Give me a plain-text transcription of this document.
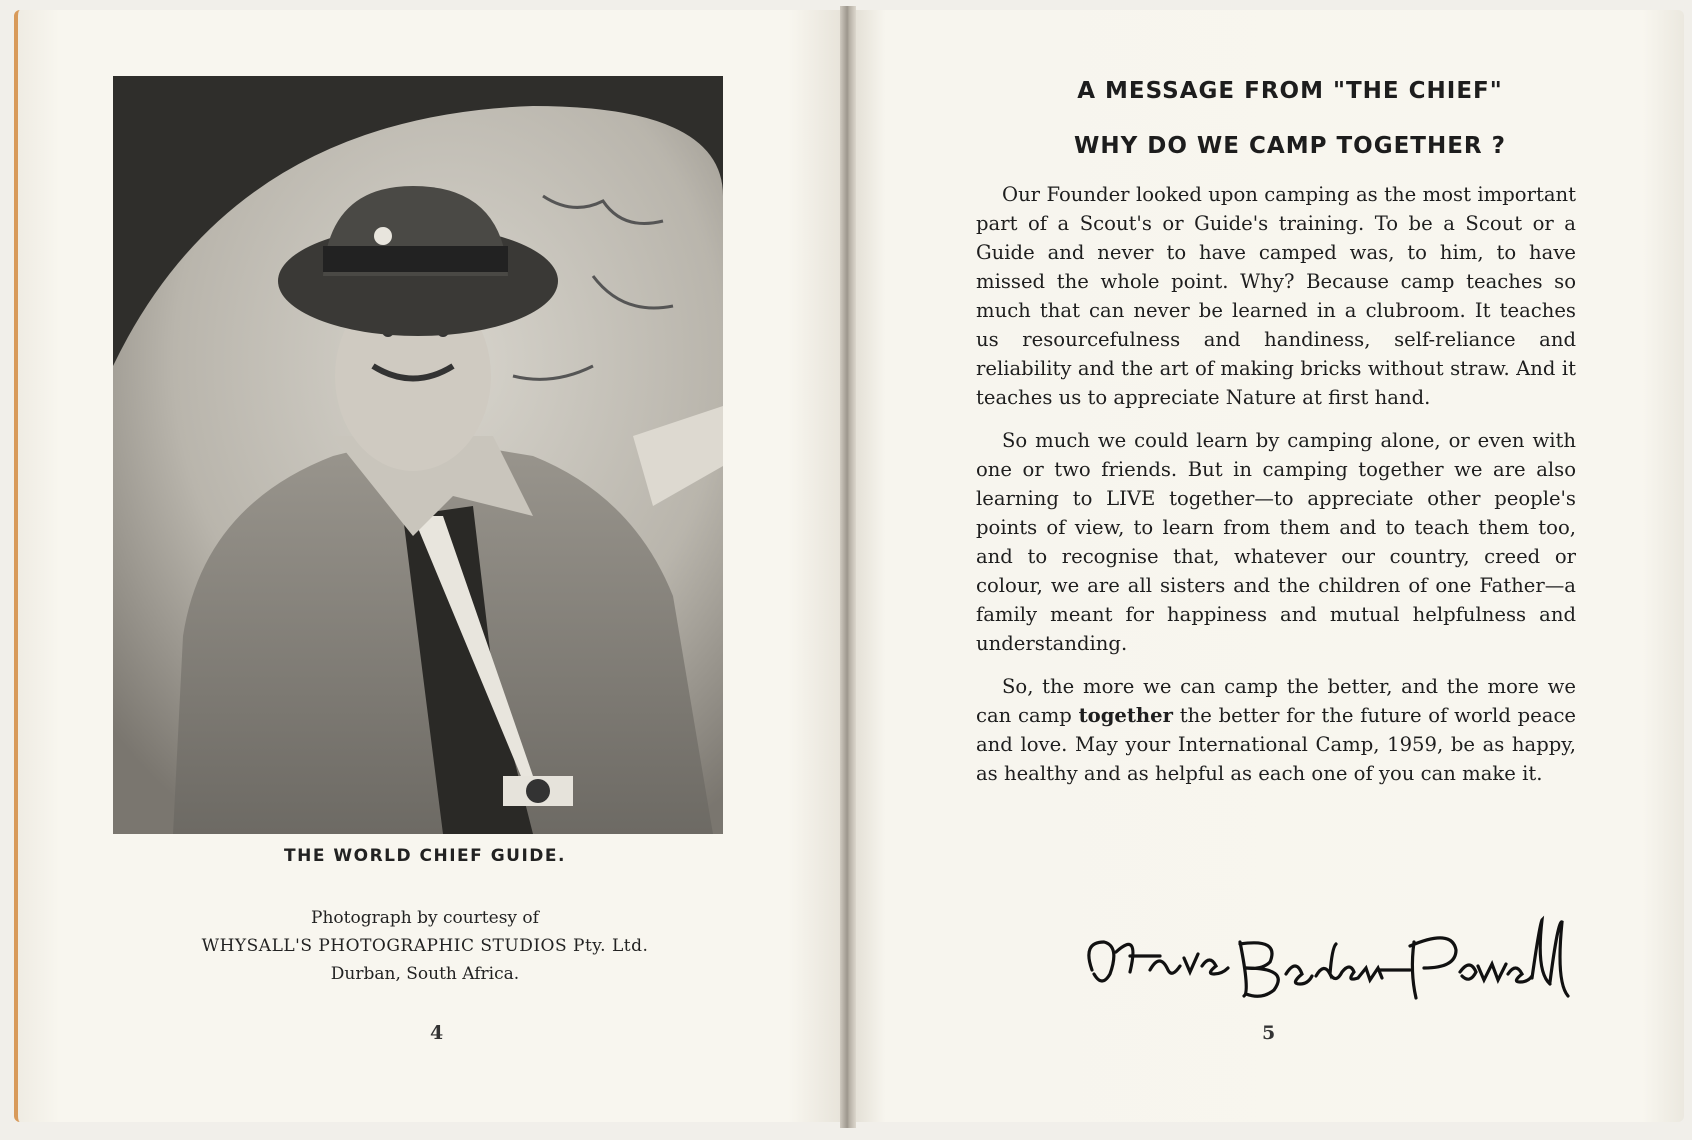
THE WORLD CHIEF GUIDE.
Photograph by courtesy of
WHYSALL'S PHOTOGRAPHIC STUDIOS Pty. Ltd.
Durban, South Africa.
4
A MESSAGE FROM "THE CHIEF"
WHY DO WE CAMP TOGETHER ?

Our Founder looked upon camping as the most important part of a Scout's or Guide's training. To be a Scout or a Guide and never to have camped was, to him, to have missed the whole point. Why? Because camp teaches so much that can never be learned in a clubroom. It teaches us resourcefulness and handiness, self-reliance and reliability and the art of making bricks without straw. And it teaches us to appreciate Nature at first hand.

So much we could learn by camping alone, or even with one or two friends. But in camping together we are also learning to LIVE together—to appreciate other people's points of view, to learn from them and to teach them too, and to recognise that, whatever our country, creed or colour, we are all sisters and the children of one Father—a family meant for happiness and mutual helpfulness and understanding.

So, the more we can camp the better, and the more we can camp together the better for the future of world peace and love. May your International Camp, 1959, be as happy, as healthy and as helpful as each one of you can make it.

5
